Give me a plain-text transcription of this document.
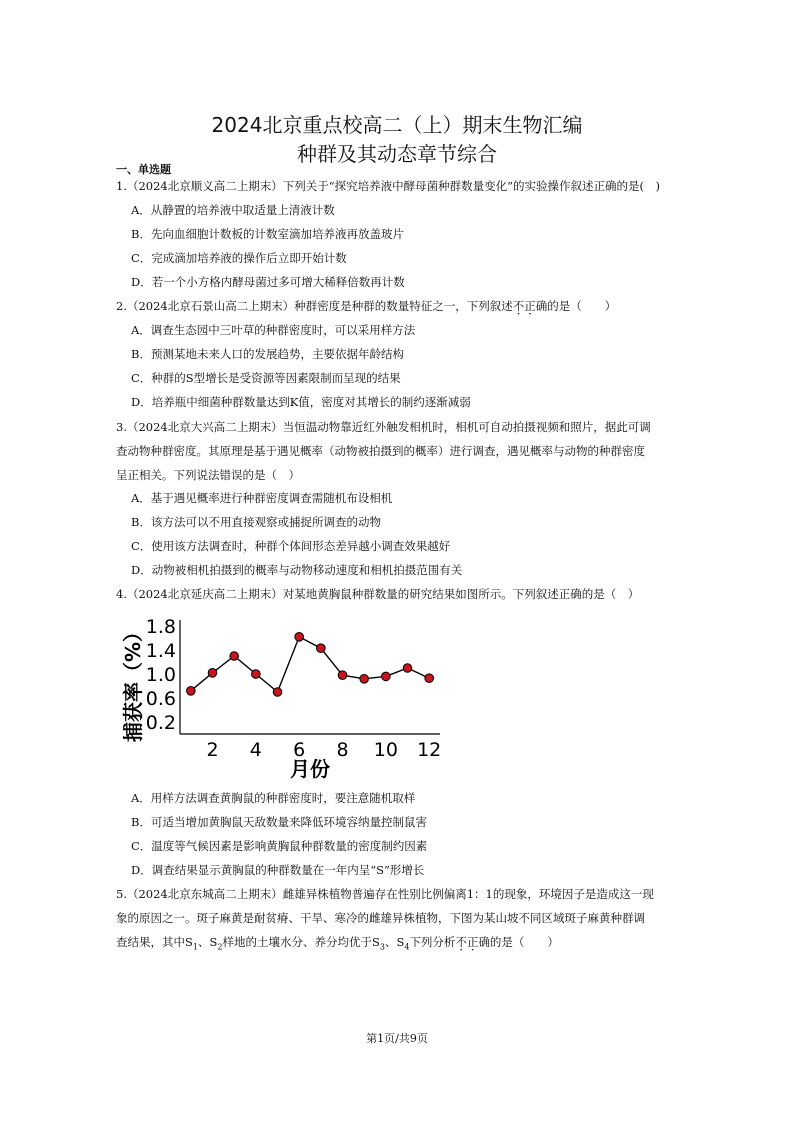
2024北京重点校高二（上）期末生物汇编
种群及其动态章节综合
一、单选题
1.（2024北京顺义高二上期末）下列关于“探究培养液中酵母菌种群数量变化”的实验操作叙述正确的是(　)
A．从静置的培养液中取适量上清液计数
B．先向血细胞计数板的计数室滴加培养液再放盖玻片
C．完成滴加培养液的操作后立即开始计数
D．若一个小方格内酵母菌过多可增大稀释倍数再计数
2.（2024北京石景山高二上期末）种群密度是种群的数量特征之一，下列叙述不正确的是（　　）
A．调查生态园中三叶草的种群密度时，可以采用样方法
B．预测某地未来人口的发展趋势，主要依据年龄结构
C．种群的S型增长是受资源等因素限制而呈现的结果
D．培养瓶中细菌种群数量达到K值，密度对其增长的制约逐渐减弱
3.（2024北京大兴高二上期末）当恒温动物靠近红外触发相机时，相机可自动拍摄视频和照片，据此可调
查动物种群密度。其原理是基于遇见概率（动物被拍摄到的概率）进行调查，遇见概率与动物的种群密度
呈正相关。下列说法错误的是（　）
A．基于遇见概率进行种群密度调查需随机布设相机
B．该方法可以不用直接观察或捕捉所调查的动物
C．使用该方法调查时，种群个体间形态差异越小调查效果越好
D．动物被相机拍摄到的概率与动物移动速度和相机拍摄范围有关
4.（2024北京延庆高二上期末）对某地黄胸鼠种群数量的研究结果如图所示。下列叙述正确的是（　）
0.2
0.6
1.0
1.4
1.8
2 4 6 8 10 12
捕获率（%）
月份
A．用样方法调查黄胸鼠的种群密度时，要注意随机取样
B．可适当增加黄胸鼠天敌数量来降低环境容纳量控制鼠害
C．温度等气候因素是影响黄胸鼠种群数量的密度制约因素
D．调查结果显示黄胸鼠的种群数量在一年内呈“S”形增长
5.（2024北京东城高二上期末）雌雄异株植物普遍存在性别比例偏离1：1的现象，环境因子是造成这一现
象的原因之一。斑子麻黄是耐贫瘠、干旱、寒冷的雌雄异株植物，下图为某山坡不同区域斑子麻黄种群调
查结果，其中$S_1$、$S_2$样地的土壤水分、养分均优于$S_3$、$S_4$下列分析不正确的是（　　）
第1页/共9页
